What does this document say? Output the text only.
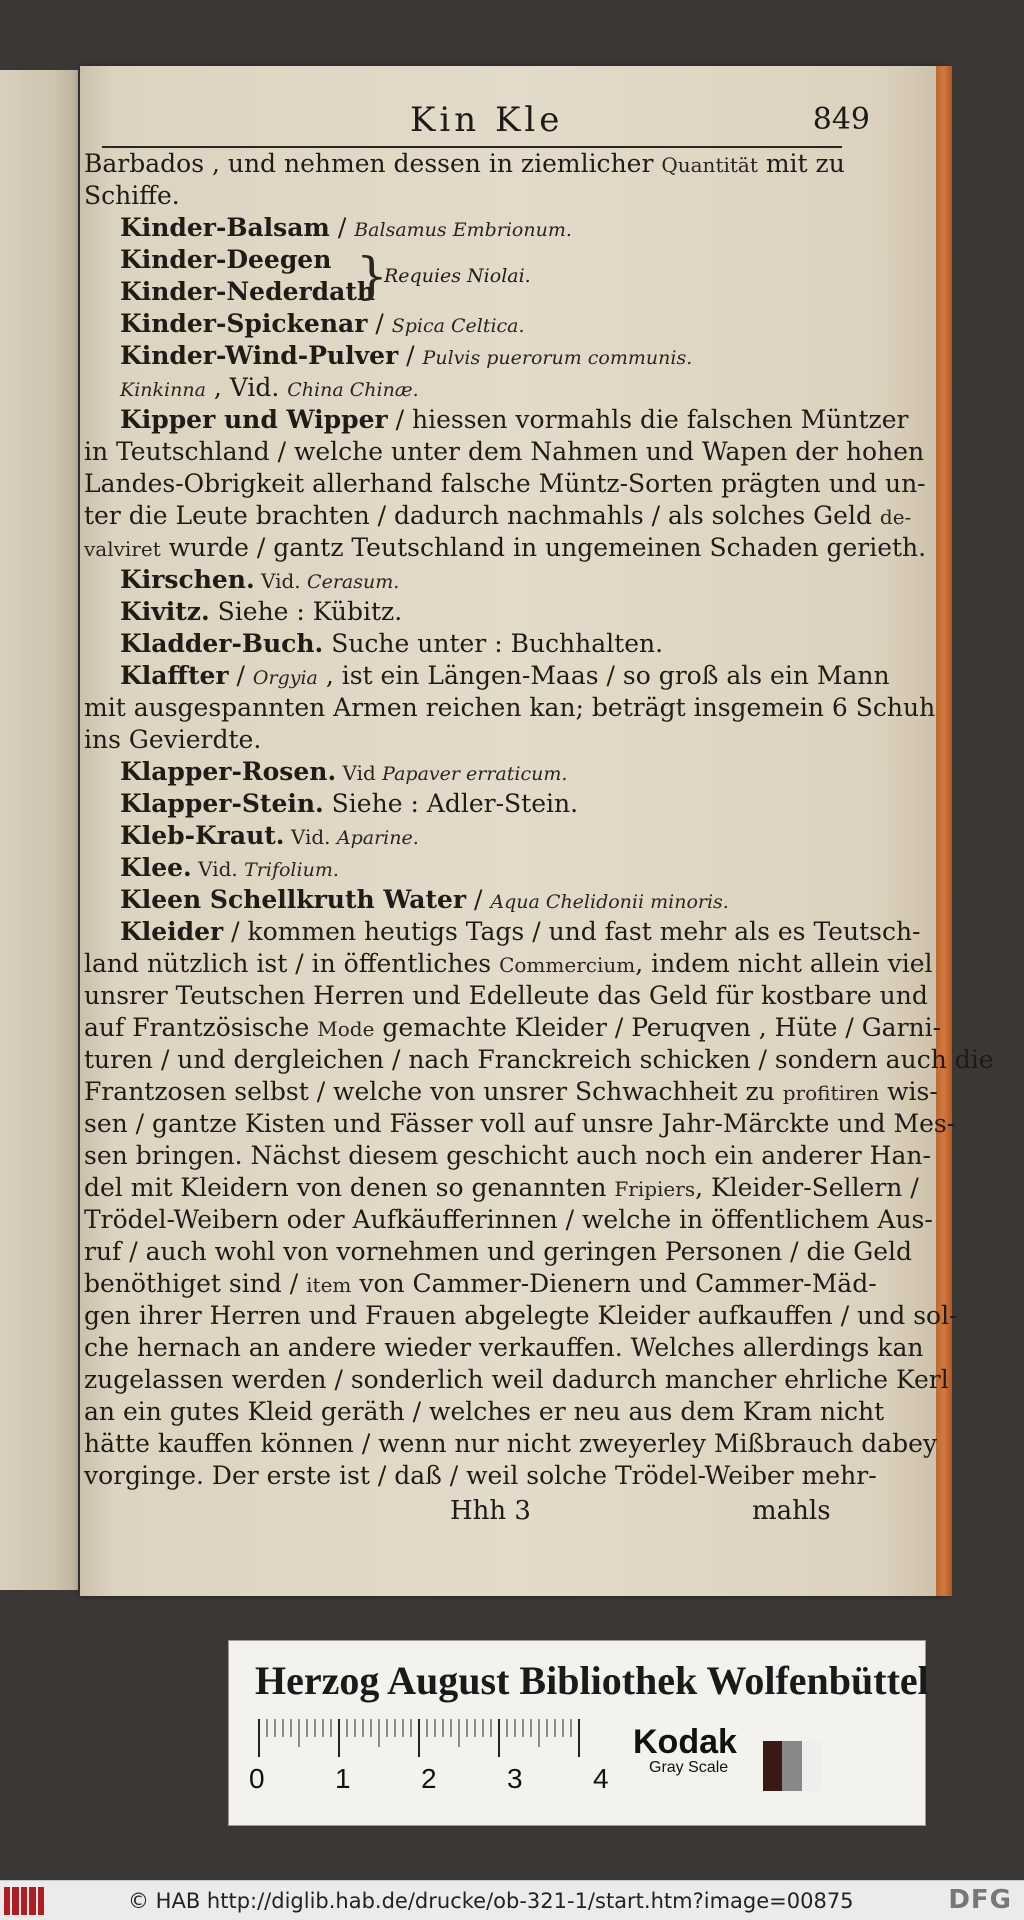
Kin Kle	849
Barbados , und nehmen dessen in ziemlicher Quantität mit zu
Schiffe.
Kinder-Balsam / Balsamus Embrionum.
Kinder-Deegen }
Requies Niolai.
Kinder-Nederdath
Kinder-Spickenar / Spica Celtica.
Kinder-Wind-Pulver / Pulvis puerorum communis.
Kinkinna , Vid. China Chinæ.
Kipper und Wipper / hiessen vormahls die falschen Müntzer
in Teutschland / welche unter dem Nahmen und Wapen der hohen
Landes-Obrigkeit allerhand falsche Müntz-Sorten prägten und un-
ter die Leute brachten / dadurch nachmahls / als solches Geld de-
valviret wurde / gantz Teutschland in ungemeinen Schaden gerieth.
Kirschen. Vid. Cerasum.
Kivitz. Siehe : Kübitz.
Kladder-Buch. Suche unter : Buchhalten.
Klaffter / Orgyia , ist ein Längen-Maas / so groß als ein Mann
mit ausgespannten Armen reichen kan; beträgt insgemein 6 Schuh
ins Gevierdte.
Klapper-Rosen. Vid Papaver erraticum.
Klapper-Stein. Siehe : Adler-Stein.
Kleb-Kraut. Vid. Aparine.
Klee. Vid. Trifolium.
Kleen Schellkruth Water / Aqua Chelidonii minoris.
Kleider / kommen heutigs Tags / und fast mehr als es Teutsch-
land nützlich ist / in öffentliches Commercium, indem nicht allein viel
unsrer Teutschen Herren und Edelleute das Geld für kostbare und
auf Frantzösische Mode gemachte Kleider / Peruqven , Hüte / Garni-
turen / und dergleichen / nach Franckreich schicken / sondern auch die
Frantzosen selbst / welche von unsrer Schwachheit zu profitiren wis-
sen / gantze Kisten und Fässer voll auf unsre Jahr-Märckte und Mes-
sen bringen. Nächst diesem geschicht auch noch ein anderer Han-
del mit Kleidern von denen so genannten Fripiers, Kleider-Sellern /
Trödel-Weibern oder Aufkäufferinnen / welche in öffentlichem Aus-
ruf / auch wohl von vornehmen und geringen Personen / die Geld
benöthiget sind / item von Cammer-Dienern und Cammer-Mäd-
gen ihrer Herren und Frauen abgelegte Kleider aufkauffen / und sol-
che hernach an andere wieder verkauffen. Welches allerdings kan
zugelassen werden / sonderlich weil dadurch mancher ehrliche Kerl
an ein gutes Kleid geräth / welches er neu aus dem Kram nicht
hätte kauffen können / wenn nur nicht zweyerley Mißbrauch dabey
vorginge. Der erste ist / daß / weil solche Trödel-Weiber mehr-
Hhh 3	mahls
Herzog August Bibliothek Wolfenbüttel
0	1	2	3	4
Kodak
Gray Scale
© HAB http://diglib.hab.de/drucke/ob-321-1/start.htm?image=00875	DFG
